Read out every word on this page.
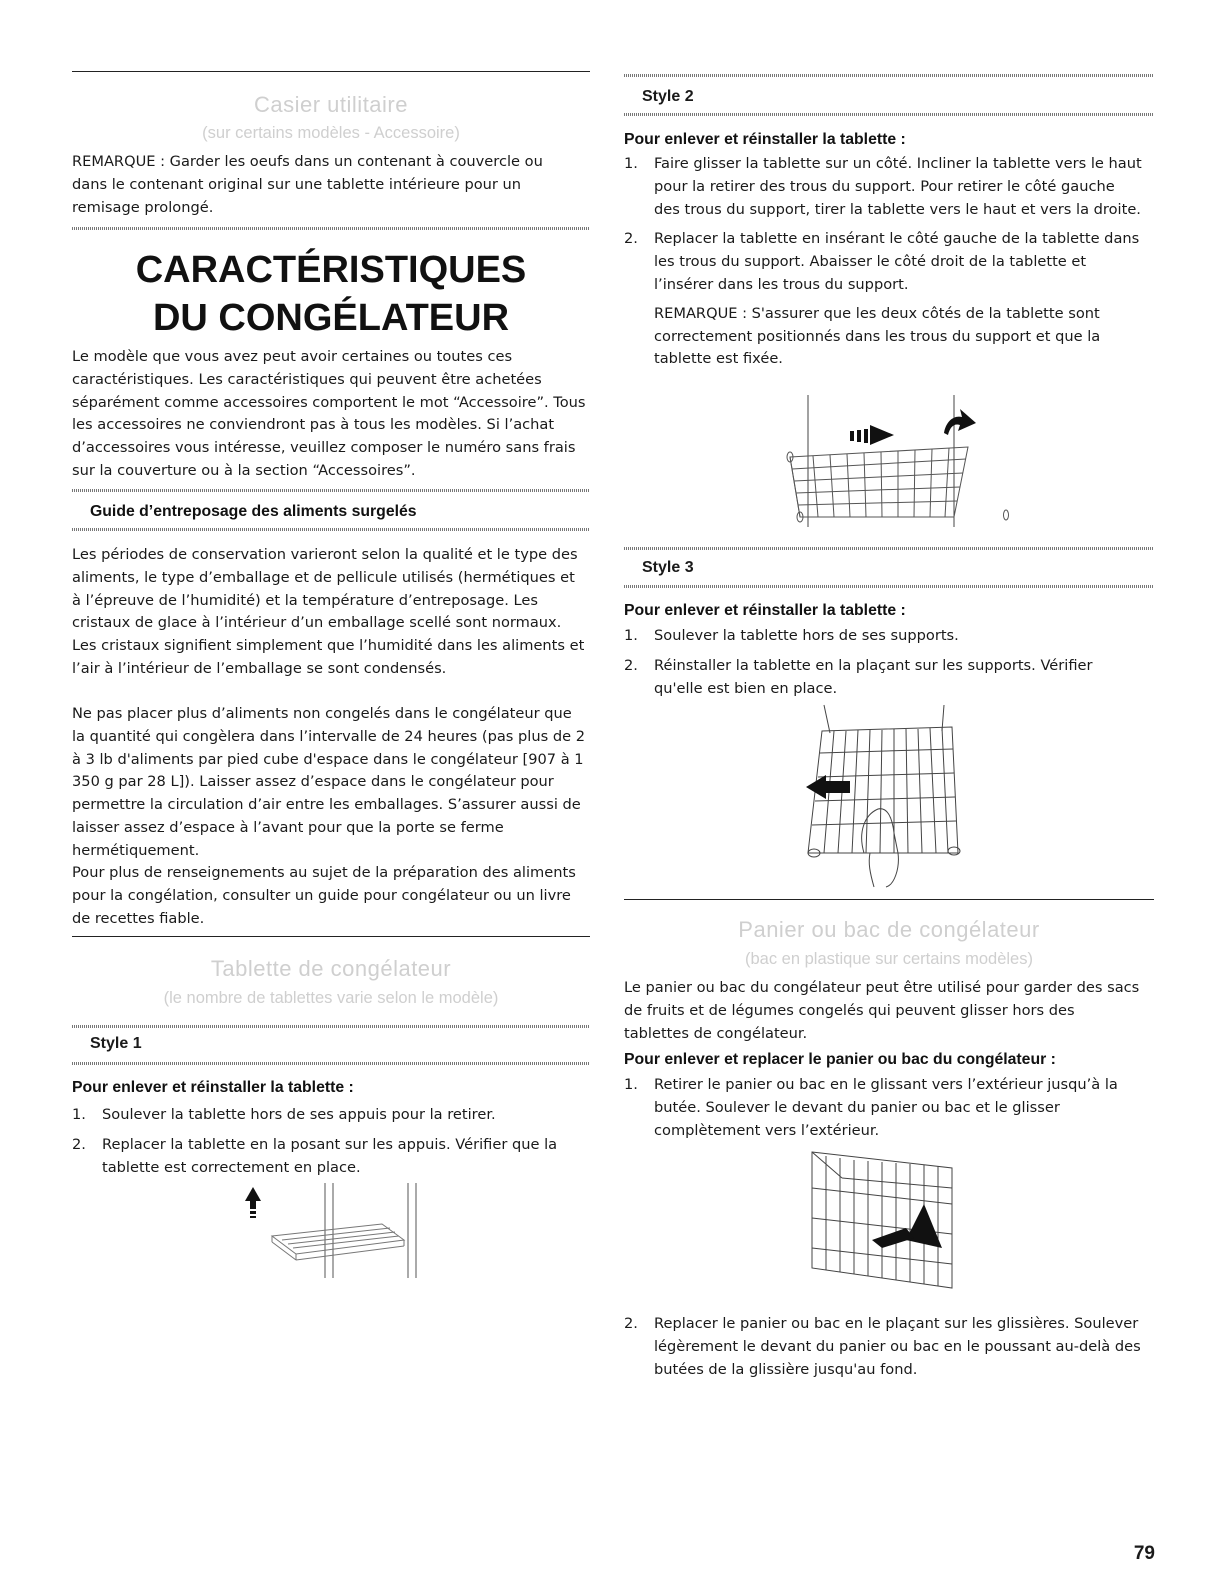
Casier utilitaire
(sur certains modèles - Accessoire)

REMARQUE : Garder les oeufs dans un contenant à couvercle ou dans le contenant original sur une tablette intérieure pour un remisage prolongé.

CARACTÉRISTIQUES
DU CONGÉLATEUR

Le modèle que vous avez peut avoir certaines ou toutes ces caractéristiques. Les caractéristiques qui peuvent être achetées séparément comme accessoires comportent le mot “Accessoire”. Tous les accessoires ne conviendront pas à tous les modèles. Si l’achat d’accessoires vous intéresse, veuillez composer le numéro sans frais sur la couverture ou à la section “Accessoires”.

Guide d’entreposage des aliments surgelés

Les périodes de conservation varieront selon la qualité et le type des aliments, le type d’emballage et de pellicule utilisés (hermétiques et à l’épreuve de l’humidité) et la température d’entreposage. Les cristaux de glace à l’intérieur d’un emballage scellé sont normaux. Les cristaux signifient simplement que l’humidité dans les aliments et l’air à l’intérieur de l’emballage se sont condensés.

Ne pas placer plus d’aliments non congelés dans le congélateur que la quantité qui congèlera dans l’intervalle de 24 heures (pas plus de 2 à 3 lb d'aliments par pied cube d'espace dans le congélateur [907 à 1 350 g par 28 L]). Laisser assez d’espace dans le congélateur pour permettre la circulation d’air entre les emballages. S’assurer aussi de laisser assez d’espace à l’avant pour que la porte se ferme hermétiquement.

Pour plus de renseignements au sujet de la préparation des aliments pour la congélation, consulter un guide pour congélateur ou un livre de recettes fiable.

Tablette de congélateur
(le nombre de tablettes varie selon le modèle)
Style 1
Pour enlever et réinstaller la tablette :
1. Soulever la tablette hors de ses appuis pour la retirer.
2. Replacer la tablette en la posant sur les appuis. Vérifier que la tablette est correctement en place.
Style 2
Pour enlever et réinstaller la tablette :
1. Faire glisser la tablette sur un côté. Incliner la tablette vers le haut pour la retirer des trous du support. Pour retirer le côté gauche des trous du support, tirer la tablette vers le haut et vers la droite.
2. Replacer la tablette en insérant le côté gauche de la tablette dans les trous du support. Abaisser le côté droit de la tablette et l’insérer dans les trous du support.
REMARQUE : S'assurer que les deux côtés de la tablette sont correctement positionnés dans les trous du support et que la tablette est fixée.
Style 3
Pour enlever et réinstaller la tablette :
1. Soulever la tablette hors de ses supports.
2. Réinstaller la tablette en la plaçant sur les supports. Vérifier qu'elle est bien en place.
Panier ou bac de congélateur
(bac en plastique sur certains modèles)

Le panier ou bac du congélateur peut être utilisé pour garder des sacs de fruits et de légumes congelés qui peuvent glisser hors des tablettes de congélateur.

Pour enlever et replacer le panier ou bac du congélateur :
1. Retirer le panier ou bac en le glissant vers l’extérieur jusqu’à la butée. Soulever le devant du panier ou bac et le glisser complètement vers l’extérieur.
2. Replacer le panier ou bac en le plaçant sur les glissières. Soulever légèrement le devant du panier ou bac en le poussant au-delà des butées de la glissière jusqu'au fond.
79
